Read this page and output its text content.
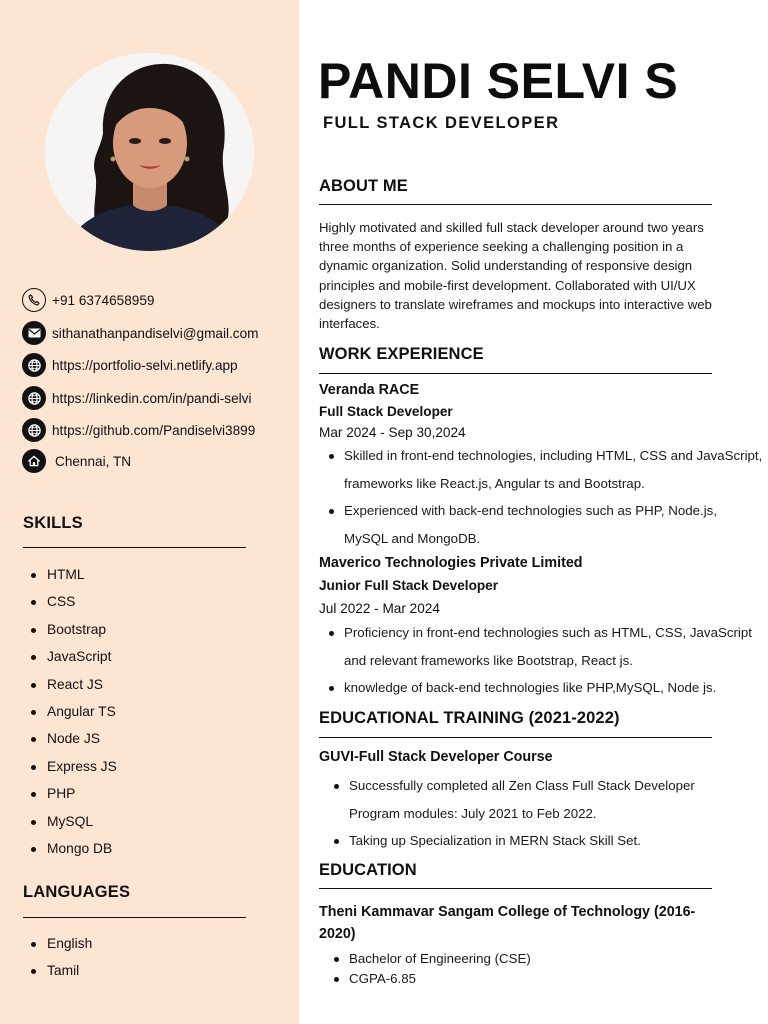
+91 6374658959
sithanathanpandiselvi@gmail.com
https://portfolio-selvi.netlify.app
https://linkedin.com/in/pandi-selvi
https://github.com/Pandiselvi3899
Chennai, TN
SKILLS
HTML
CSS
Bootstrap
JavaScript
React JS
Angular TS
Node JS
Express JS
PHP
MySQL
Mongo DB
LANGUAGES
English
Tamil
PANDI SELVI S
FULL STACK DEVELOPER
ABOUT ME

Highly motivated and skilled full stack developer around two years three months of experience seeking a challenging position in a dynamic organization. Solid understanding of responsive design principles and mobile-first development. Collaborated with UI/UX designers to translate wireframes and mockups into interactive web interfaces.

WORK EXPERIENCE
Veranda RACE
Full Stack Developer
Mar 2024 - Sep 30,2024
Skilled in front-end technologies, including HTML, CSS and JavaScript, frameworks like React.js, Angular ts and Bootstrap.
Experienced with back-end technologies such as PHP, Node.js, MySQL and MongoDB.
Maverico Technologies Private Limited
Junior Full Stack Developer
Jul 2022 - Mar 2024
Proficiency in front-end technologies such as HTML, CSS, JavaScript and relevant frameworks like Bootstrap, React js.
knowledge of back-end technologies like PHP,MySQL, Node js.
EDUCATIONAL TRAINING (2021-2022)
GUVI-Full Stack Developer Course
Successfully completed all Zen Class Full Stack Developer Program modules: July 2021 to Feb 2022.
Taking up Specialization in MERN Stack Skill Set.
EDUCATION
Theni Kammavar Sangam College of Technology (2016-2020)
Bachelor of Engineering (CSE)
CGPA-6.85
